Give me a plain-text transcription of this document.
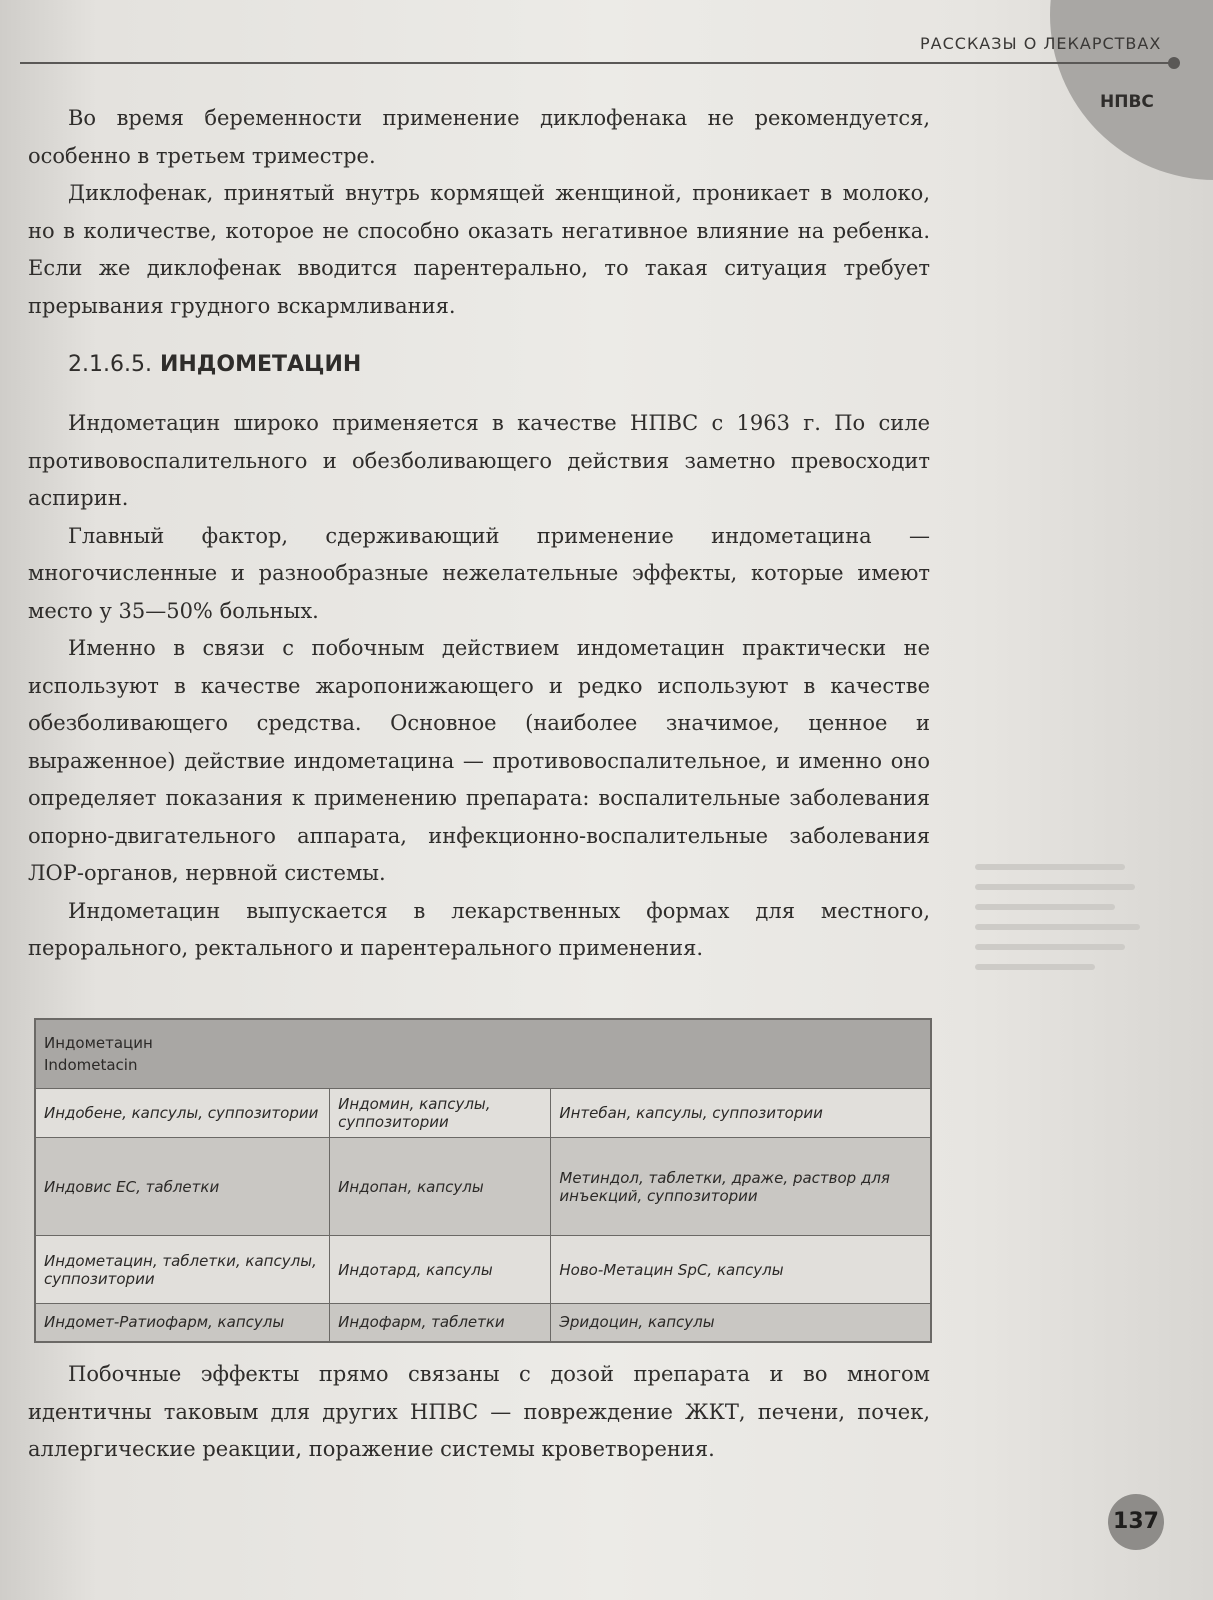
РАССКАЗЫ О ЛЕКАРСТВАХ
НПВС

Во время беременности применение диклофенака не рекомендуется, особенно в третьем триместре.

Диклофенак, принятый внутрь кормящей женщиной, проникает в молоко, но в количестве, которое не способно оказать негативное влияние на ребенка. Если же диклофенак вводится парентерально, то такая ситуация требует прерывания грудного вскармливания.

2.1.6.5. ИНДОМЕТАЦИН

Индометацин широко применяется в качестве НПВС с 1963 г. По силе противовоспалительного и обезболивающего действия заметно превосходит аспирин.

Главный фактор, сдерживающий применение индометацина — многочисленные и разнообразные нежелательные эффекты, которые имеют место у 35—50% больных.

Именно в связи с побочным действием индометацин практически не используют в качестве жаропонижающего и редко используют в качестве обезболивающего средства. Основное (наиболее значимое, ценное и выраженное) действие индометацина — противовоспалительное, и именно оно определяет показания к применению препарата: воспалительные заболевания опорно-двигательного аппарата, инфекционно-воспалительные заболевания ЛОР-органов, нервной системы.

Индометацин выпускается в лекарственных формах для местного, перорального, ректального и парентерального применения.

Индометацин
Indometacin		

Индобене, капсулы, суппозитории	Индомин, капсулы, суппозитории	Интебан, капсулы, суппозитории
Индовис ЕС, таблетки	Индопан, капсулы	Метиндол, таблетки, драже, раствор для инъекций, суппозитории
Индометацин, таблетки, капсулы, суппозитории	Индотард, капсулы	Ново-Метацин SpC, капсулы
Индомет-Ратиофарм, капсулы	Индофарм, таблетки	Эридоцин, капсулы

Побочные эффекты прямо связаны с дозой препарата и во многом идентичны таковым для других НПВС — повреждение ЖКТ, печени, почек, аллергические реакции, поражение системы кроветворения.

137
